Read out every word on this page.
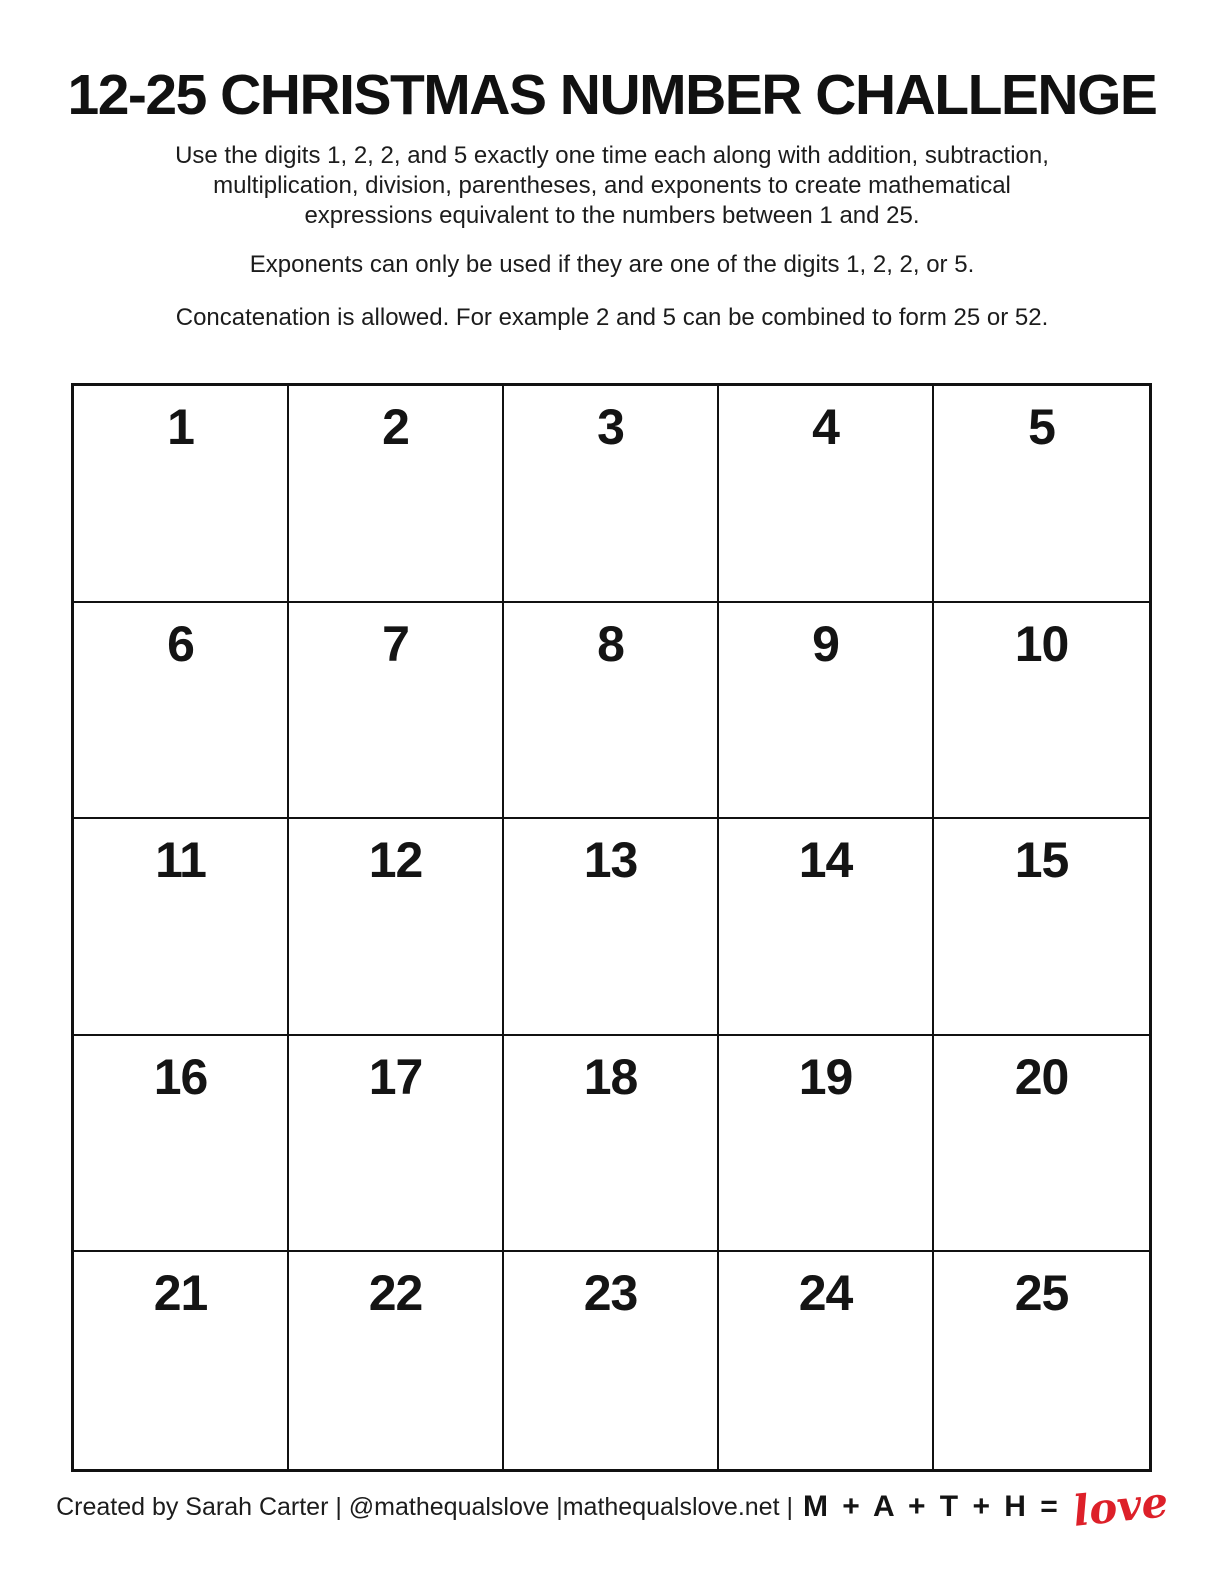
12-25 CHRISTMAS NUMBER CHALLENGE
Use the digits 1, 2, 2, and 5 exactly one time each along with addition, subtraction,
multiplication, division, parentheses, and exponents to create mathematical
expressions equivalent to the numbers between 1 and 25.
Exponents can only be used if they are one of the digits 1, 2, 2, or 5.
Concatenation is allowed. For example 2 and 5 can be combined to form 25 or 52.
1	2	3	4	5
6	7	8	9	10
11	12	13	14	15
16	17	18	19	20
21	22	23	24	25
Created by Sarah Carter | @mathequalslove |mathequalslove.net | M + A + T + H = love
